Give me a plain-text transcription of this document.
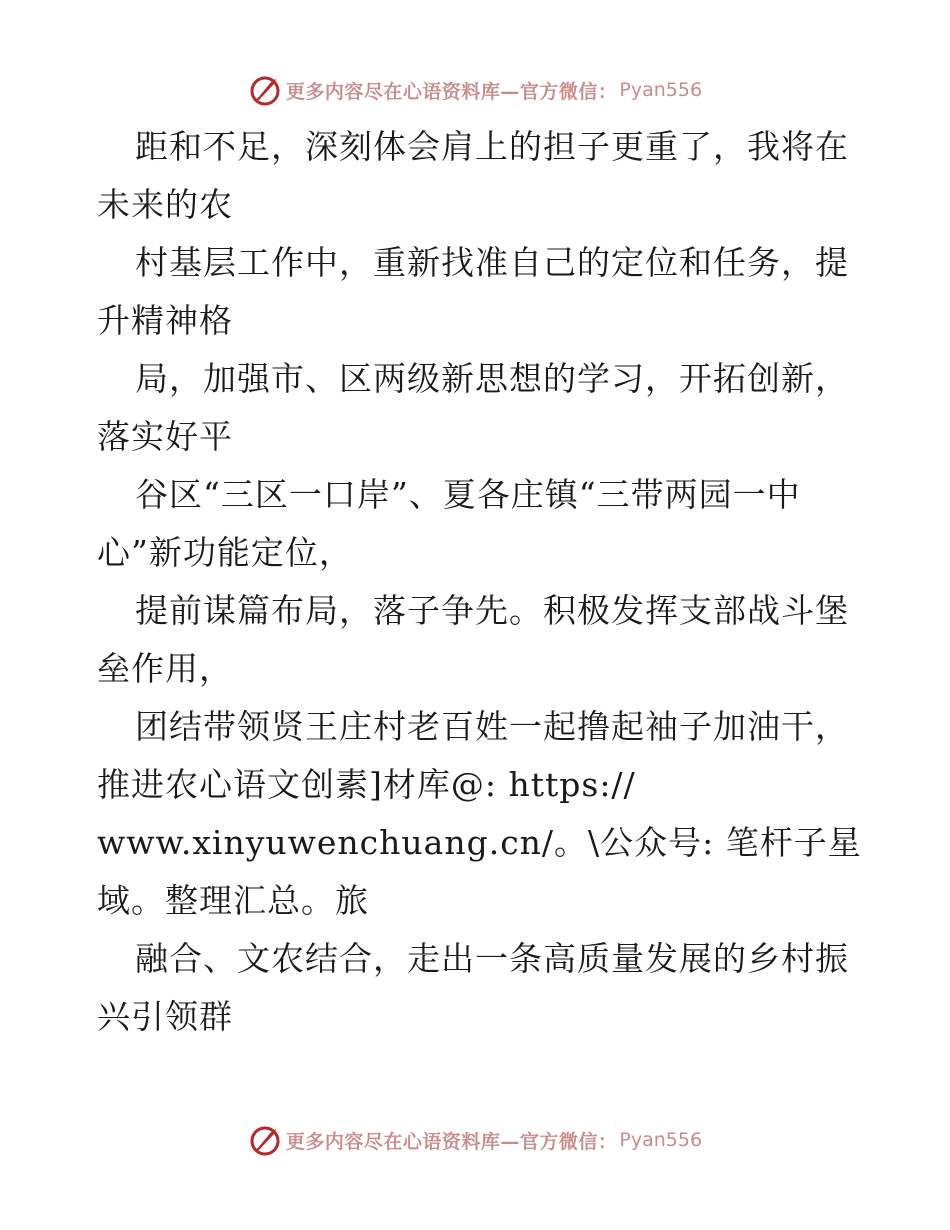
更多内容尽在心语资料库—官方微信： Pyan556
距和不足，深刻体会肩上的担子更重了，我将在
未来的农
村基层工作中，重新找准自己的定位和任务，提
升精神格
局，加强市、区两级新思想的学习，开拓创新，
落实好平
谷区“三区一口岸”、夏各庄镇“三带两园一中
心”新功能定位，
提前谋篇布局，落子争先。积极发挥支部战斗堡
垒作用，
团结带领贤王庄村老百姓一起撸起袖子加油干，
推进农心语文创素]材库@: https://
www.xinyuwenchuang.cn/。\公众号: 笔杆子星
域。整理汇总。旅
融合、文农结合，走出一条高质量发展的乡村振
兴引领群
更多内容尽在心语资料库—官方微信： Pyan556
